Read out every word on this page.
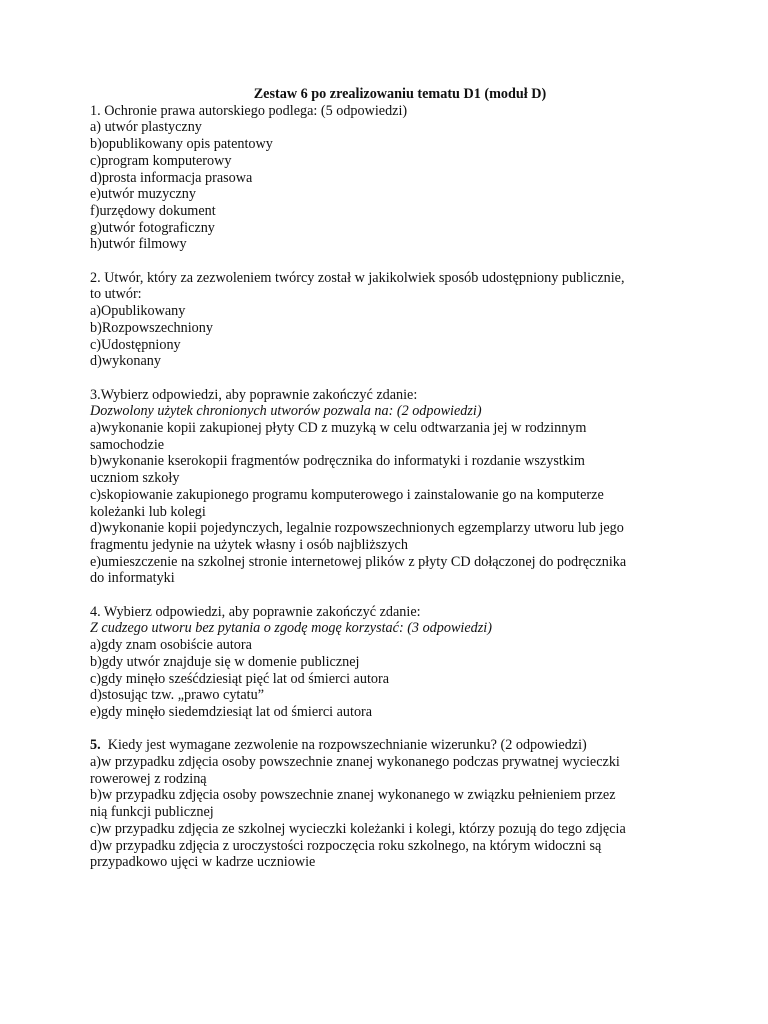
Zestaw 6 po zrealizowaniu tematu D1 (moduł D)

1. Ochronie prawa autorskiego podlega: (5 odpowiedzi)
a) utwór plastyczny
b)opublikowany opis patentowy
c)program komputerowy
d)prosta informacja prasowa
e)utwór muzyczny
f)urzędowy dokument
g)utwór fotograficzny
h)utwór filmowy
2. Utwór, który za zezwoleniem twórcy został w jakikolwiek sposób udostępniony publicznie,
to utwór:
a)Opublikowany
b)Rozpowszechniony
c)Udostępniony
d)wykonany
3.Wybierz odpowiedzi, aby poprawnie zakończyć zdanie:
Dozwolony użytek chronionych utworów pozwala na: (2 odpowiedzi)
a)wykonanie kopii zakupionej płyty CD z muzyką w celu odtwarzania jej w rodzinnym
samochodzie
b)wykonanie kserokopii fragmentów podręcznika do informatyki i rozdanie wszystkim
uczniom szkoły
c)skopiowanie zakupionego programu komputerowego i zainstalowanie go na komputerze
koleżanki lub kolegi
d)wykonanie kopii pojedynczych, legalnie rozpowszechnionych egzemplarzy utworu lub jego
fragmentu jedynie na użytek własny i osób najbliższych
e)umieszczenie na szkolnej stronie internetowej plików z płyty CD dołączonej do podręcznika
do informatyki
4. Wybierz odpowiedzi, aby poprawnie zakończyć zdanie:
Z cudzego utworu bez pytania o zgodę mogę korzystać: (3 odpowiedzi)
a)gdy znam osobiście autora
b)gdy utwór znajduje się w domenie publicznej
c)gdy minęło sześćdziesiąt pięć lat od śmierci autora
d)stosując tzw. „prawo cytatu”
e)gdy minęło siedemdziesiąt lat od śmierci autora
5. Kiedy jest wymagane zezwolenie na rozpowszechnianie wizerunku? (2 odpowiedzi)
a)w przypadku zdjęcia osoby powszechnie znanej wykonanego podczas prywatnej wycieczki
rowerowej z rodziną
b)w przypadku zdjęcia osoby powszechnie znanej wykonanego w związku pełnieniem przez
nią funkcji publicznej
c)w przypadku zdjęcia ze szkolnej wycieczki koleżanki i kolegi, którzy pozują do tego zdjęcia
d)w przypadku zdjęcia z uroczystości rozpoczęcia roku szkolnego, na którym widoczni są
przypadkowo ujęci w kadrze uczniowie
